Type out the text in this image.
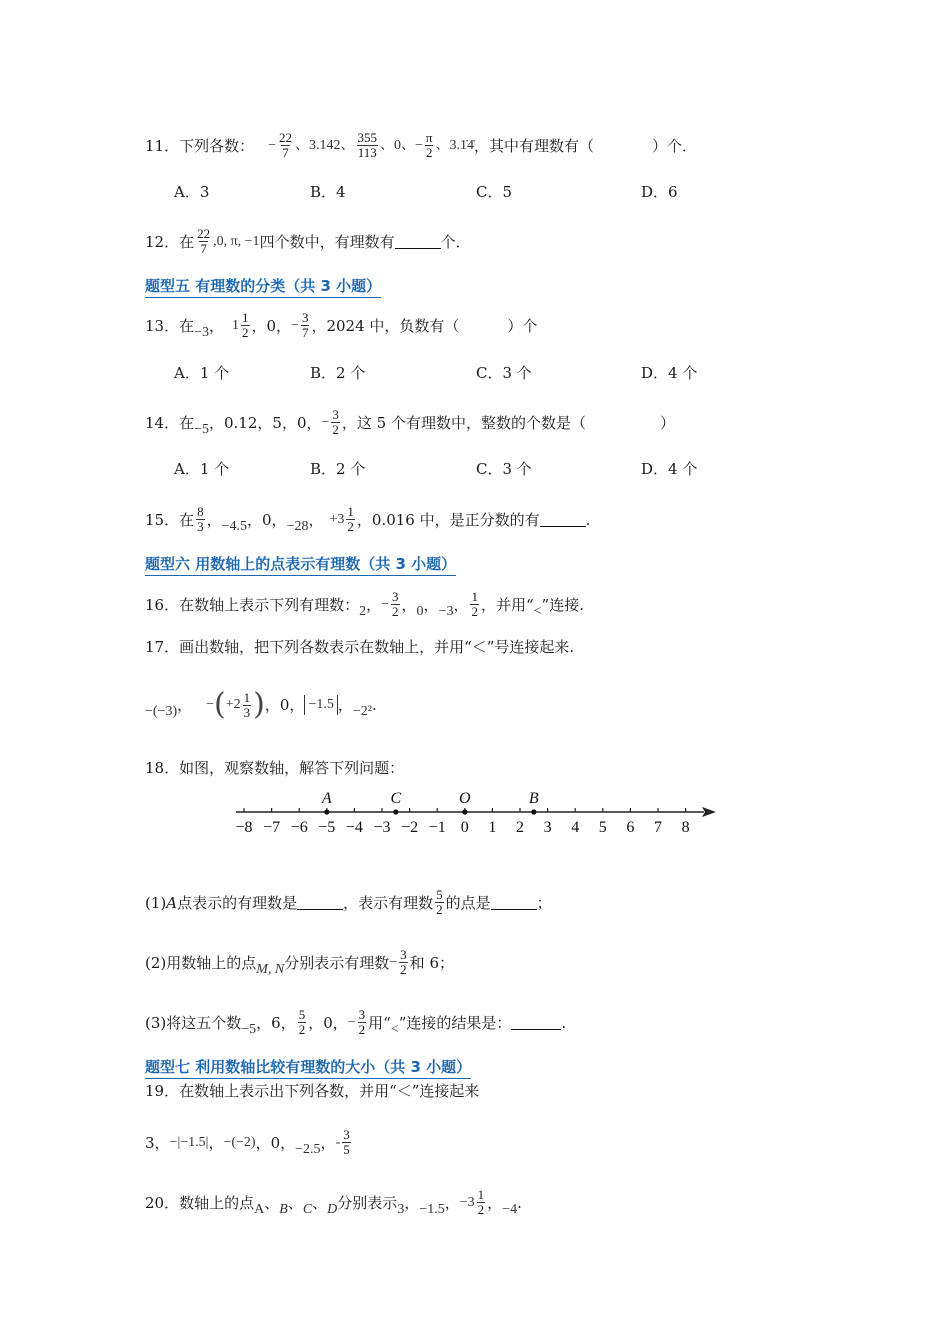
11．下列各数： − $\frac{22}{7}$ 、3.142、 $\frac{355}{113}$ 、0、− $\frac{\pi}{2}$ 、3.1̇4̇ ，其中有理数有（	）个．
A．3	B．4	C．5	D．6
12．在 $\frac{22}{7} ,0$, π, −1 四个数中，有理数有	个．
题型五 有理数的分类（共 3 小题）
13．在 −3 ， $1 \frac{1}{2}$ ，0， − $\frac{3}{7}$ ，2024 中，负数有（	）个
A．1 个	B．2 个	C．3 个	D．4 个
14．在 −5 ，0.12，5，0， − $\frac{3}{2}$ ，这 5 个有理数中，整数的个数是（	）
A．1 个	B．2 个	C．3 个	D．4 个
15．在 $\frac{8}{3}$ ， −4.5 ，0， −28 ， $+3 \frac{1}{2}$ ，0.016 中，是正分数的有	.
题型六 用数轴上的点表示有理数（共 3 小题）
16．在数轴上表示下列有理数： 2 ， − $\frac{3}{2}$ ， 0 ， −3 ， $\frac{1}{2}$ ，并用“ < ”连接.
17．画出数轴，把下列各数表示在数轴上，并用“＜”号连接起来.
−(−3) ， − ( $+2 \frac{1}{3}$ ) ，0， −1.5 ， −2² .
18．如图，观察数轴，解答下列问题：
−8 −7 −6 −5 −4 −3 −2 −1 0 1 2 3 4 5 6 7 8
A	C	O	B
(1) A 点表示的有理数是	，表示有理数 $\frac{5}{2}$ 的点是	；
(2)用数轴上的点 M, N 分别表示有理数 − $\frac{3}{2}$ 和 6；
(3)将这五个数 −5 ，6， $\frac{5}{2}$ ，0， − $\frac{3}{2}$ 用“ < ”连接的结果是：	.
题型七 利用数轴比较有理数的大小（共 3 小题）
19．在数轴上表示出下列各数，并用“＜”连接起来
3， −|−1.5| ， −(−2) ，0， −2.5 ， - $\frac{3}{5}$
20．数轴上的点 A 、 B 、 C 、 D 分别表示 3 ， −1.5 ， $-3 \frac{1}{2}$ ， −4 .
